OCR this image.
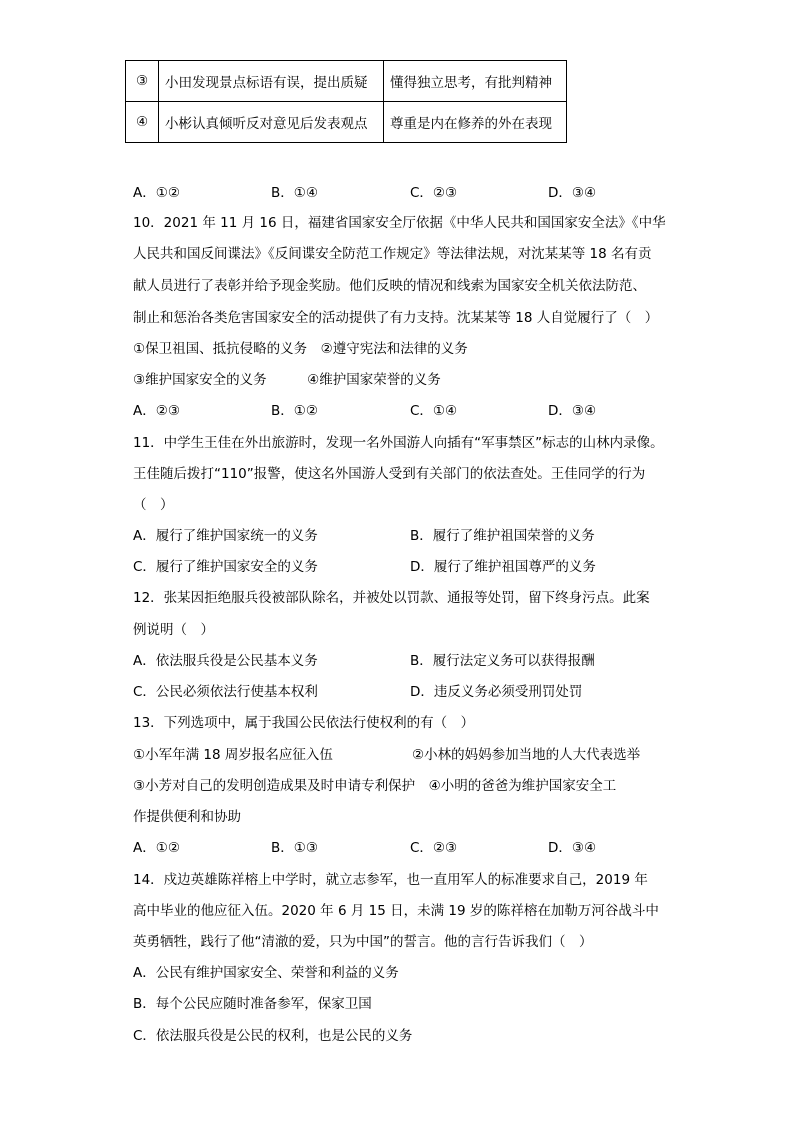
③	小田发现景点标语有误，提出质疑	懂得独立思考，有批判精神
④	小彬认真倾听反对意见后发表观点	尊重是内在修养的外在表现
A．①②	B．①④	C．②③	D．③④
10．2021 年 11 月 16 日，福建省国家安全厅依据《中华人民共和国国家安全法》《中华
人民共和国反间谍法》《反间谍安全防范工作规定》等法律法规，对沈某某等 18 名有贡
献人员进行了表彰并给予现金奖励。他们反映的情况和线索为国家安全机关依法防范、
制止和惩治各类危害国家安全的活动提供了有力支持。沈某某等 18 人自觉履行了（　）
①保卫祖国、抵抗侵略的义务　②遵守宪法和法律的义务
③维护国家安全的义务　　　④维护国家荣誉的义务
A．②③	B．①②	C．①④	D．③④
11．中学生王佳在外出旅游时，发现一名外国游人向插有“军事禁区”标志的山林内录像。
王佳随后拨打“110”报警，使这名外国游人受到有关部门的依法查处。王佳同学的行为
（　）
A．履行了维护国家统一的义务	B．履行了维护祖国荣誉的义务
C．履行了维护国家安全的义务	D．履行了维护祖国尊严的义务
12．张某因拒绝服兵役被部队除名，并被处以罚款、通报等处罚，留下终身污点。此案
例说明（　）
A．依法服兵役是公民基本义务	B．履行法定义务可以获得报酬
C．公民必须依法行使基本权利	D．违反义务必须受刑罚处罚
13．下列选项中，属于我国公民依法行使权利的有（　）
①小军年满 18 周岁报名应征入伍	②小林的妈妈参加当地的人大代表选举
③小芳对自己的发明创造成果及时申请专利保护　④小明的爸爸为维护国家安全工
作提供便利和协助
A．①②	B．①③	C．②③	D．③④
14．戍边英雄陈祥榕上中学时，就立志参军，也一直用军人的标准要求自己，2019 年
高中毕业的他应征入伍。2020 年 6 月 15 日，未满 19 岁的陈祥榕在加勒万河谷战斗中
英勇牺牲，践行了他“清澈的爱，只为中国”的誓言。他的言行告诉我们（　）
A．公民有维护国家安全、荣誉和利益的义务
B．每个公民应随时准备参军，保家卫国
C．依法服兵役是公民的权利，也是公民的义务
